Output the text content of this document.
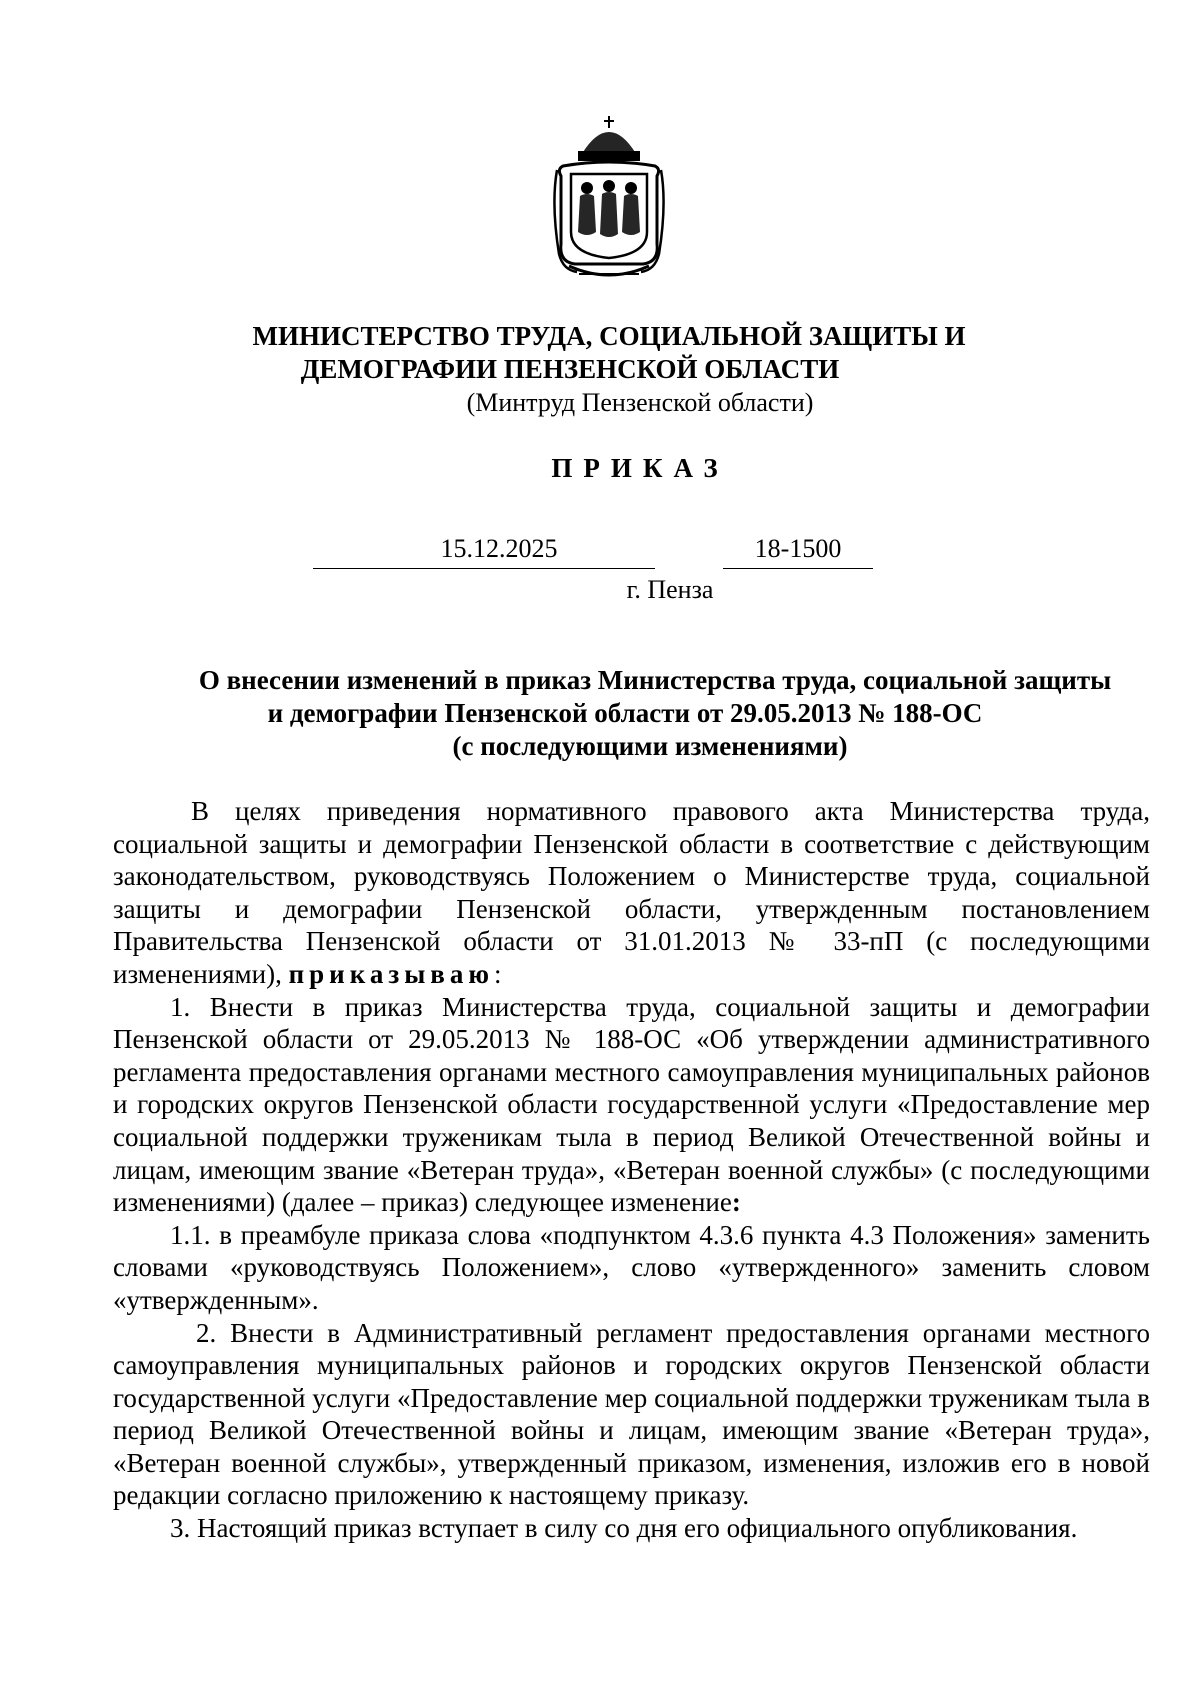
МИНИСТЕРСТВО ТРУДА, СОЦИАЛЬНОЙ ЗАЩИТЫ И
ДЕМОГРАФИИ ПЕНЗЕНСКОЙ ОБЛАСТИ
(Минтруд Пензенской области)
ПРИКАЗ
15.12.2025	18-1500
г. Пенза
О внесении изменений в приказ Министерства труда, социальной защиты
и демографии Пензенской области от 29.05.2013 № 188-ОС
(с последующими изменениями)

В целях приведения нормативного правового акта Министерства труда, социальной защиты и демографии Пензенской области в соответствие с действующим законодательством, руководствуясь Положением о Министерстве труда, социальной защиты и демографии Пензенской области, утвержденным постановлением Правительства Пензенской области от 31.01.2013 № 33-пП (с последующими изменениями), приказываю:

1. Внести в приказ Министерства труда, социальной защиты и демографии Пензенской области от 29.05.2013 № 188-ОС «Об утверждении административного регламента предоставления органами местного самоуправления муниципальных районов и городских округов Пензенской области государственной услуги «Предоставление мер социальной поддержки труженикам тыла в период Великой Отечественной войны и лицам, имеющим звание «Ветеран труда», «Ветеран военной службы» (с последующими изменениями) (далее – приказ) следующее изменение:

1.1. в преамбуле приказа слова «подпунктом 4.3.6 пункта 4.3 Положения» заменить словами «руководствуясь Положением», слово «утвержденного» заменить словом «утвержденным».

2. Внести в Административный регламент предоставления органами местного самоуправления муниципальных районов и городских округов Пензенской области государственной услуги «Предоставление мер социальной поддержки труженикам тыла в период Великой Отечественной войны и лицам, имеющим звание «Ветеран труда», «Ветеран военной службы», утвержденный приказом, изменения, изложив его в новой редакции согласно приложению к настоящему приказу.

3. Настоящий приказ вступает в силу со дня его официального опубликования.
